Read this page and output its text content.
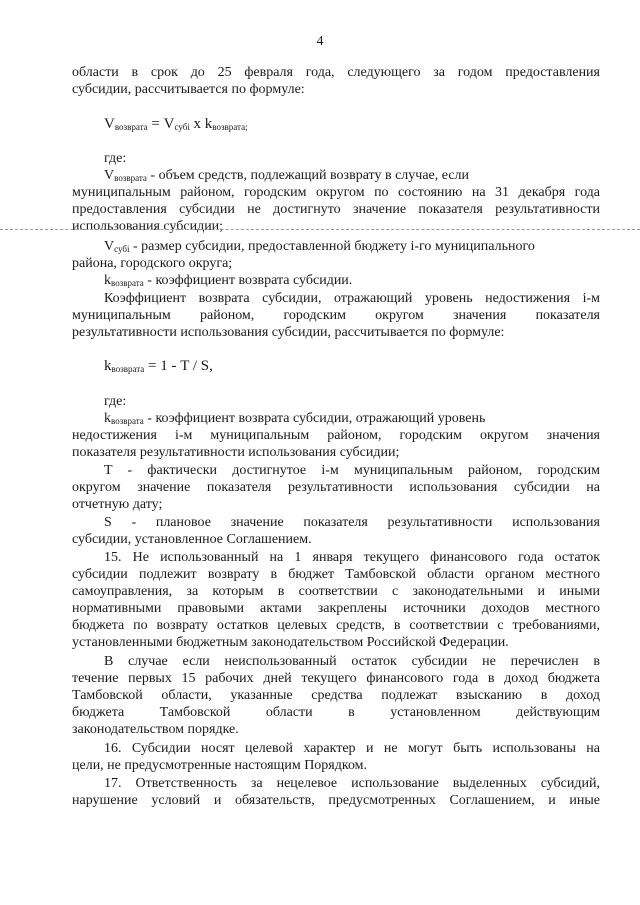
4
области в срок до 25 февраля года, следующего за годом предоставления
субсидии, рассчитывается по формуле:
$V_{возврата} = V_{субі}$ x $k_{возврата;}$
где:
$V_{возврата}$ - объем средств, подлежащий возврату в случае, если
муниципальным районом, городским округом по состоянию на 31 декабря года
предоставления субсидии не достигнуто значение показателя результативности
использования субсидии;
$V_{субі}$ - размер субсидии, предоставленной бюджету і-го муниципального
района, городского округа;
$k_{возврата}$ - коэффициент возврата субсидии.
Коэффициент возврата субсидии, отражающий уровень недостижения і-м
муниципальным районом, городским округом значения показателя
результативности использования субсидии, рассчитывается по формуле:
$k_{возврата} = 1 - T / S$,
где:
$k_{возврата}$ - коэффициент возврата субсидии, отражающий уровень
недостижения і-м муниципальным районом, городским округом значения
показателя результативности использования субсидии;
T - фактически достигнутое і-м муниципальным районом, городским
округом значение показателя результативности использования субсидии на
отчетную дату;
S - плановое значение показателя результативности использования
субсидии, установленное Соглашением.
15. Не использованный на 1 января текущего финансового года остаток
субсидии подлежит возврату в бюджет Тамбовской области органом местного
самоуправления, за которым в соответствии с законодательными и иными
нормативными правовыми актами закреплены источники доходов местного
бюджета по возврату остатков целевых средств, в соответствии с требованиями,
установленными бюджетным законодательством Российской Федерации.
В случае если неиспользованный остаток субсидии не перечислен в
течение первых 15 рабочих дней текущего финансового года в доход бюджета
Тамбовской области, указанные средства подлежат взысканию в доход
бюджета Тамбовской области в установленном действующим
законодательством порядке.
16. Субсидии носят целевой характер и не могут быть использованы на
цели, не предусмотренные настоящим Порядком.
17. Ответственность за нецелевое использование выделенных субсидий,
нарушение условий и обязательств, предусмотренных Соглашением, и иные
